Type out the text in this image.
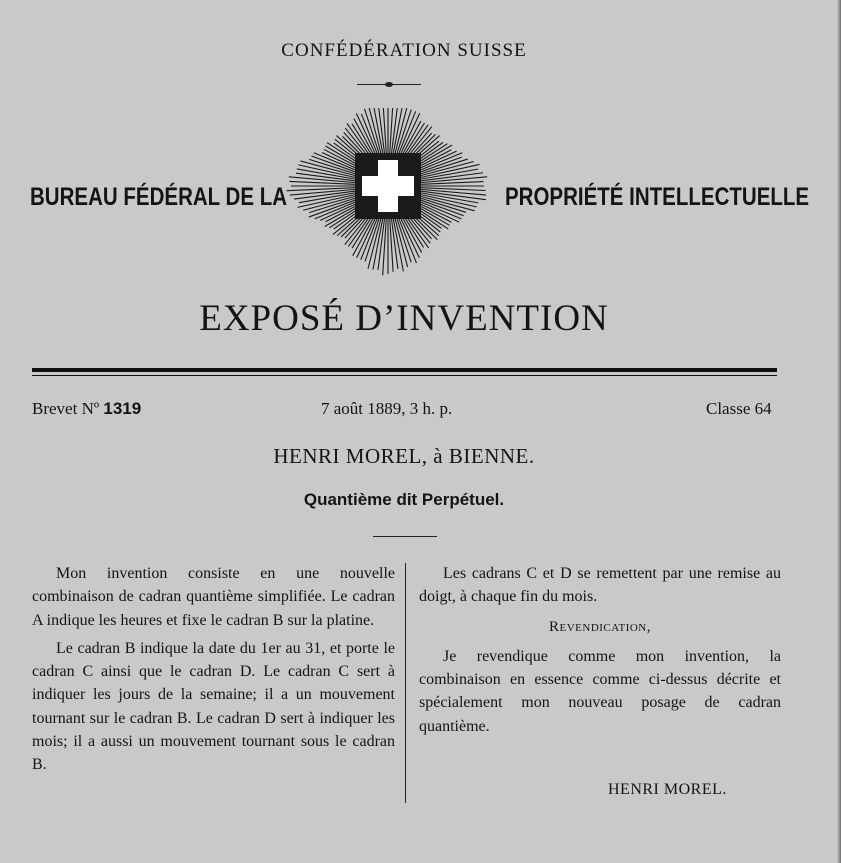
CONFÉDÉRATION SUISSE
BUREAU FÉDÉRAL DE LA	PROPRIÉTÉ INTELLECTUELLE
EXPOSÉ D’INVENTION
Brevet Nº 1319	7 août 1889, 3 h. p.	Classe 64
HENRI MOREL, à BIENNE.
Quantième dit Perpétuel.

Mon invention consiste en une nouvelle combinaison de cadran quantième simplifiée. Le cadran A indique les heures et fixe le cadran B sur la platine.

Le cadran B indique la date du 1er au 31, et porte le cadran C ainsi que le cadran D. Le cadran C sert à indiquer les jours de la semaine; il a un mouvement tournant sur le cadran B. Le cadran D sert à indiquer les mois; il a aussi un mouvement tournant sous le cadran B.

Les cadrans C et D se remettent par une remise au doigt, à chaque fin du mois.

Revendication,

Je revendique comme mon invention, la combinaison en essence comme ci-dessus décrite et spécialement mon nouveau posage de cadran quantième.

HENRI MOREL.
